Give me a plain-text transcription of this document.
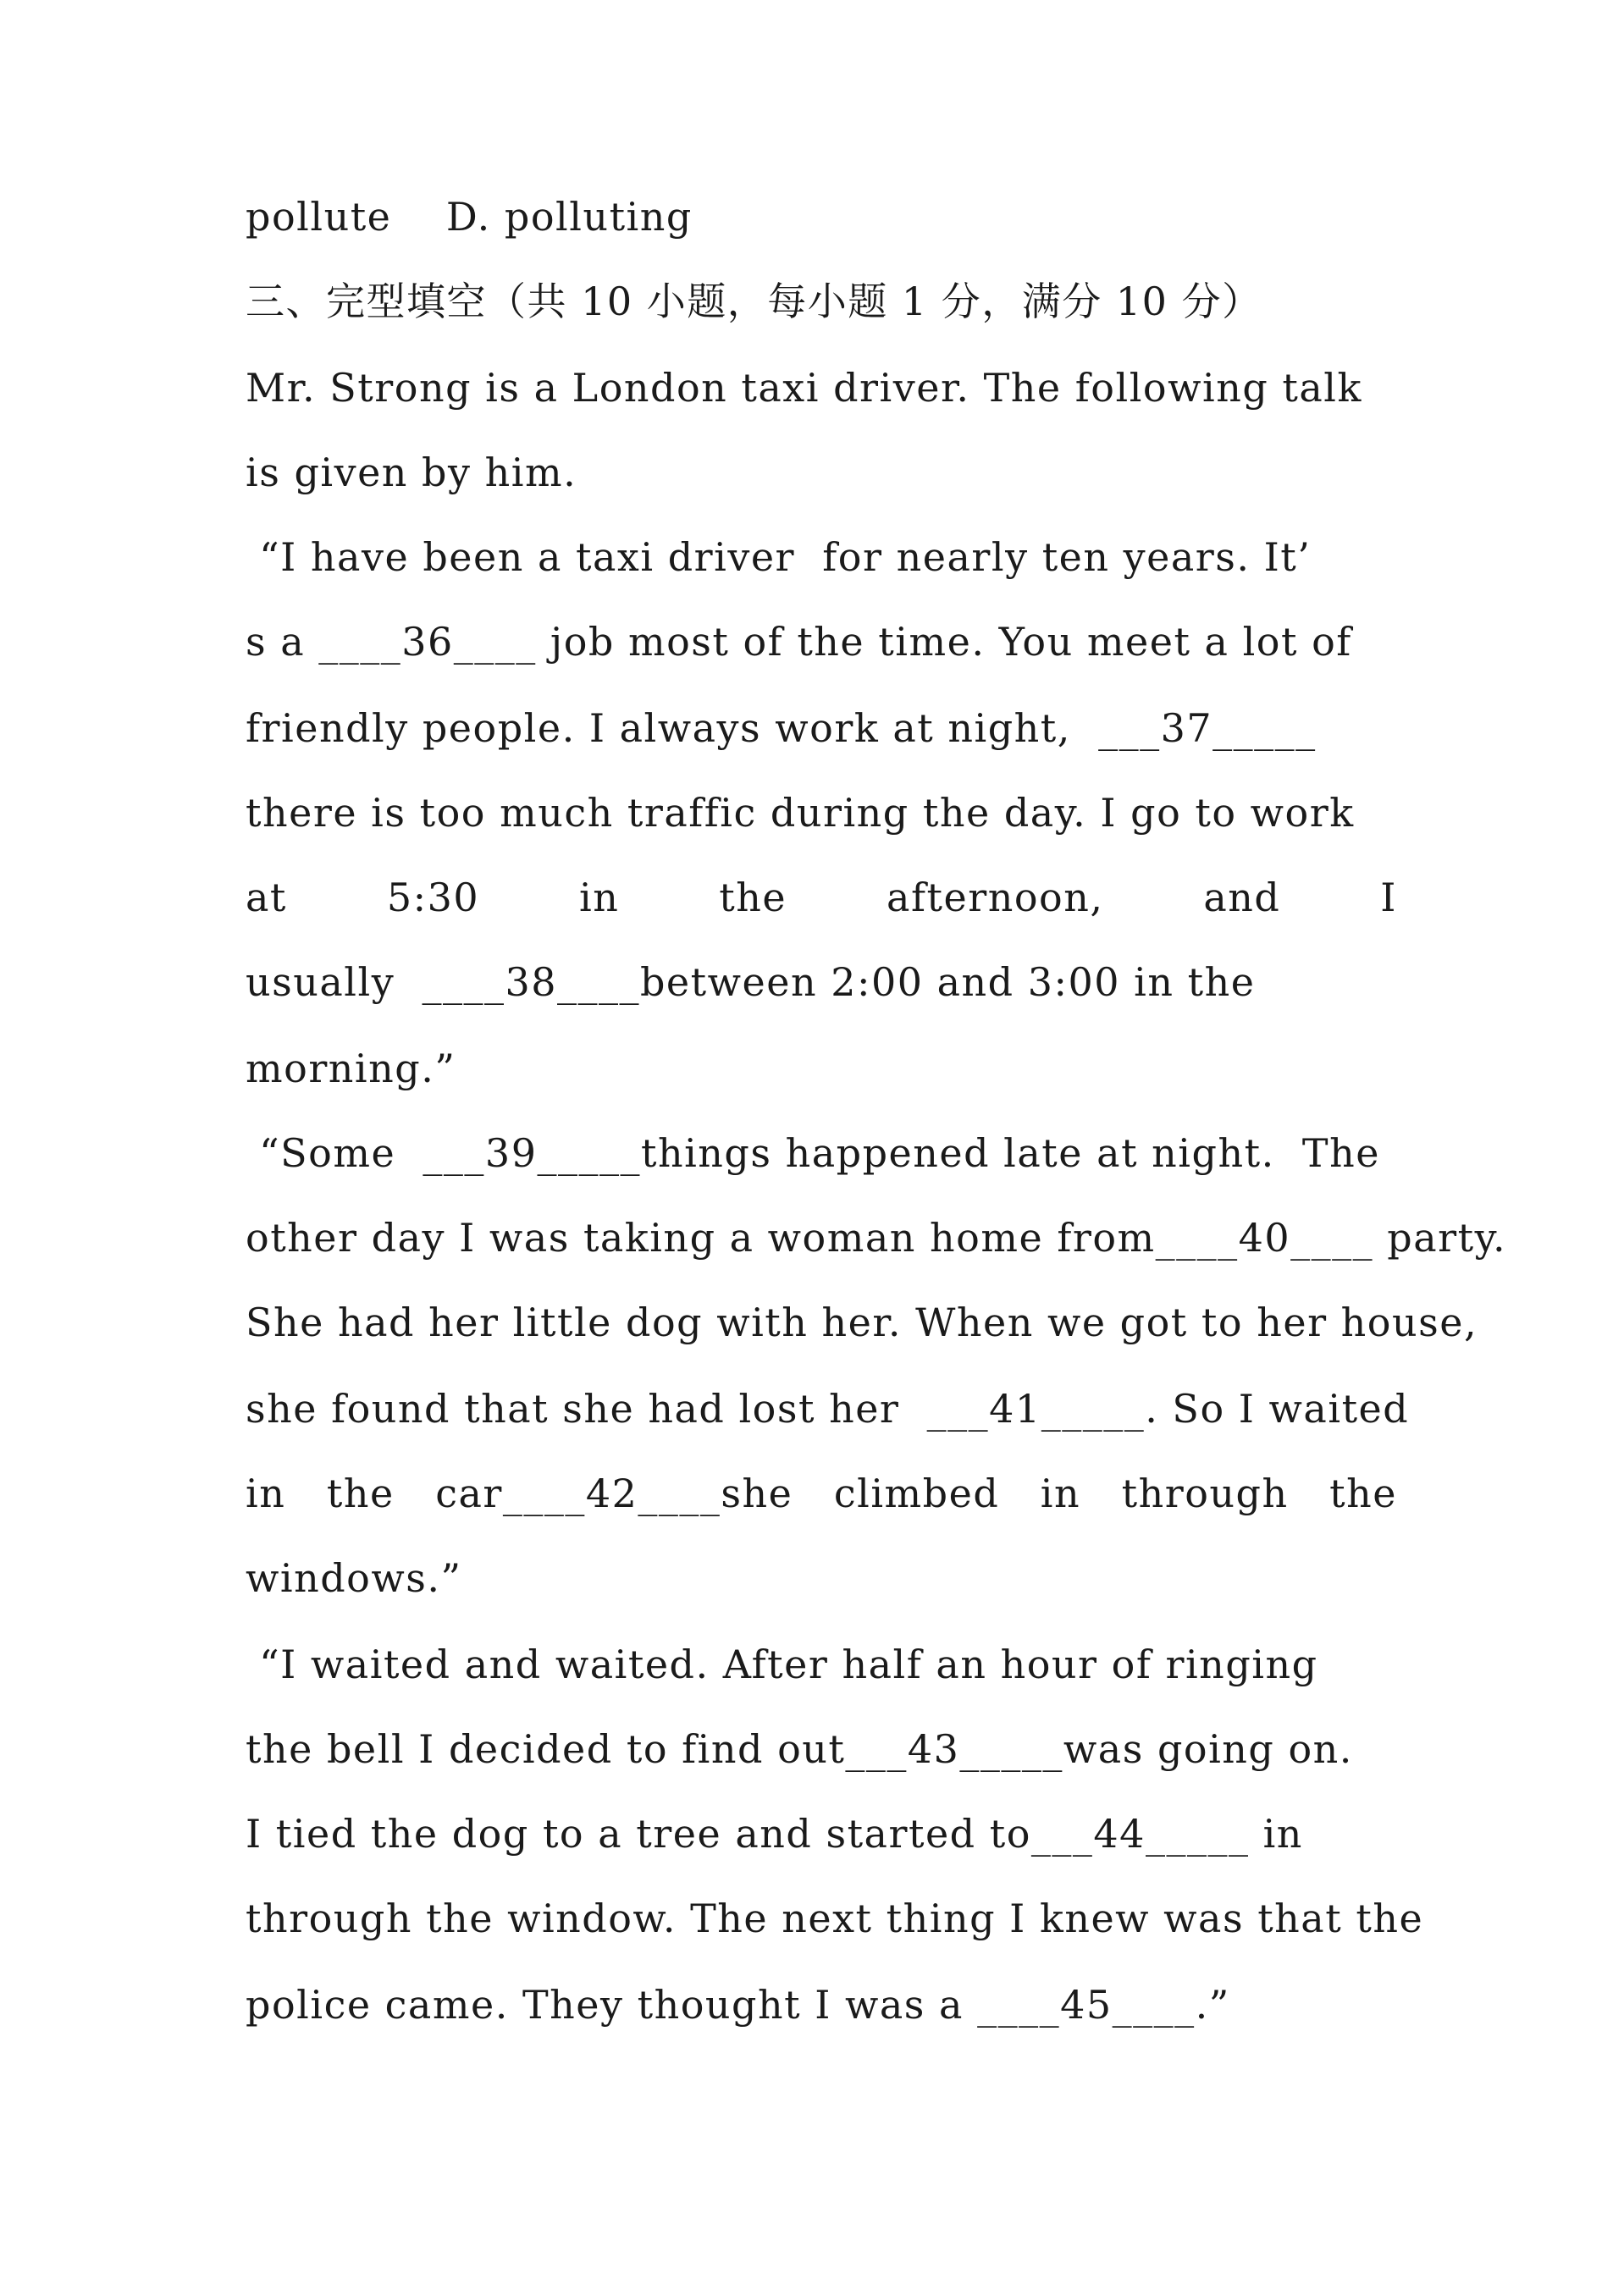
pollute    D. polluting
三、完型填空（共 10 小题，每小题 1 分，满分 10 分）
Mr. Strong is a London taxi driver. The following talk
is given by him.
“I have been a taxi driver  for nearly ten years. It’
s a ____36____ job most of the time. You meet a lot of
friendly people. I always work at night,  ___37_____
there is too much traffic during the day. I go to work
at	5:30	in	the	afternoon,	and	I
usually  ____38____between 2:00 and 3:00 in the
morning.”
“Some  ___39_____things happened late at night.  The
other day I was taking a woman home from____40____ party.
She had her little dog with her. When we got to her house,
she found that she had lost her  ___41_____. So I waited
in the car____42____she climbed in through the
windows.”
“I waited and waited. After half an hour of ringing
the bell I decided to find out___43_____was going on.
I tied the dog to a tree and started to___44_____ in
through the window. The next thing I knew was that the
police came. They thought I was a ____45____.”
